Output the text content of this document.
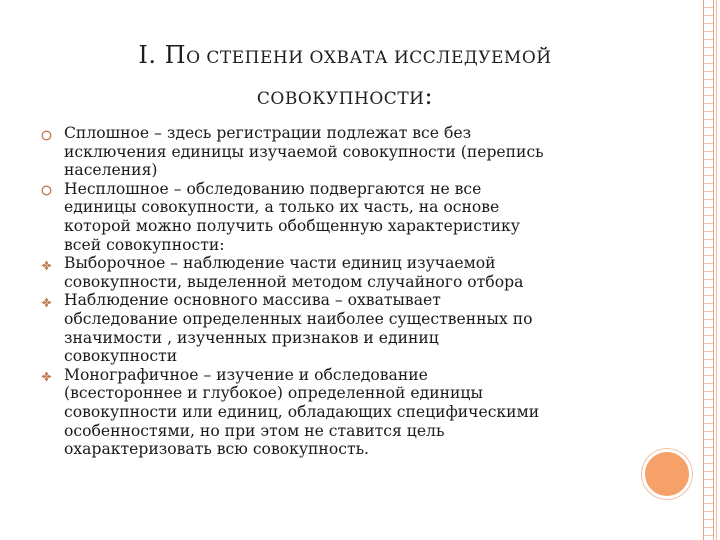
I. ПО СТЕПЕНИ ОХВАТА ИССЛЕДУЕМОЙ
СОВОКУПНОСТИ:
Сплошное – здесь регистрации подлежат все без
исключения единицы изучаемой совокупности (перепись
населения)
Несплошное – обследованию подвергаются не все
единицы совокупности, а только их часть, на основе
которой можно получить обобщенную характеристику
всей совокупности:
Выборочное – наблюдение части единиц изучаемой
совокупности, выделенной методом случайного отбора
Наблюдение основного массива – охватывает
обследование определенных наиболее существенных по
значимости , изученных признаков и единиц
совокупности
Монографичное – изучение и обследование
(всестороннее и глубокое) определенной единицы
совокупности или единиц, обладающих специфическими
особенностями, но при этом не ставится цель
охарактеризовать всю совокупность.
